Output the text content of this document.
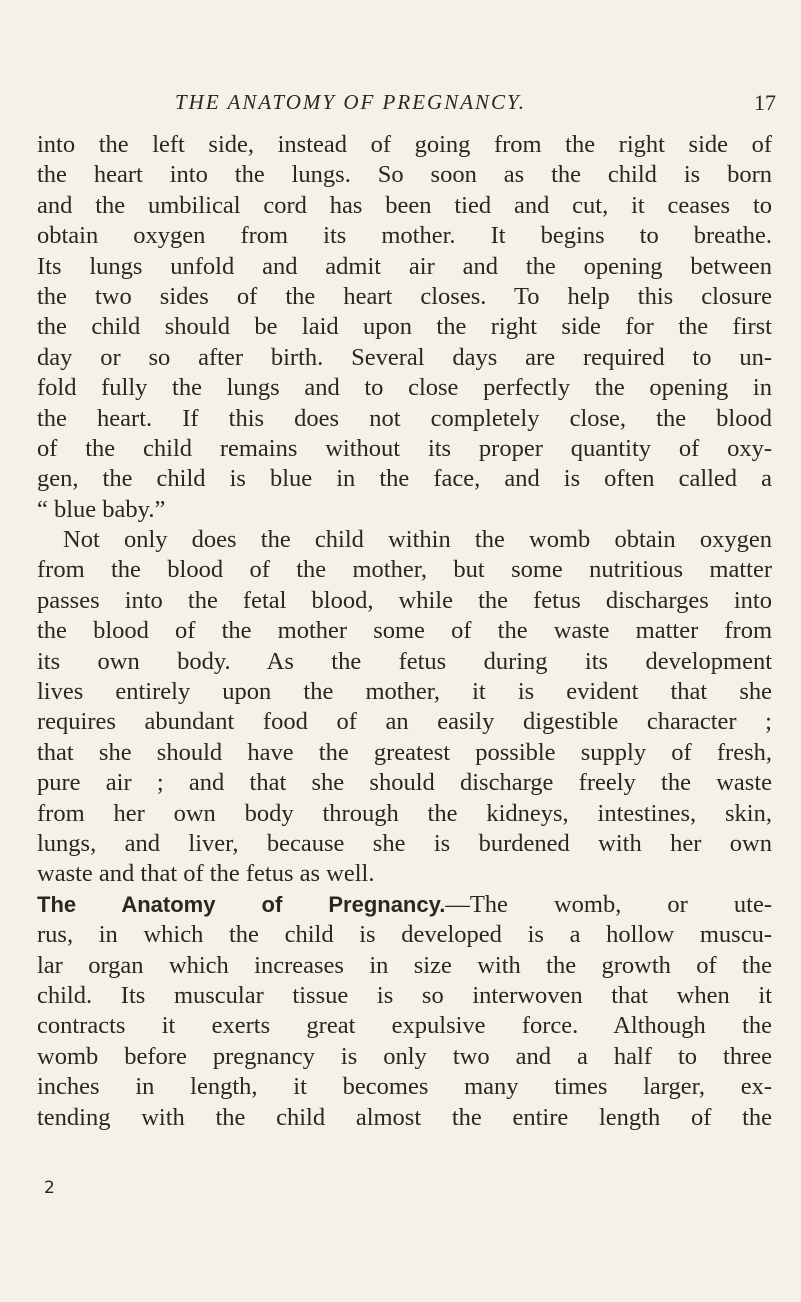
THE ANATOMY OF PREGNANCY.	17
into the left side, instead of going from the right side of
the heart into the lungs. So soon as the child is born
and the umbilical cord has been tied and cut, it ceases to
obtain oxygen from its mother. It begins to breathe.
Its lungs unfold and admit air and the opening between
the two sides of the heart closes. To help this closure
the child should be laid upon the right side for the first
day or so after birth. Several days are required to un-
fold fully the lungs and to close perfectly the opening in
the heart. If this does not completely close, the blood
of the child remains without its proper quantity of oxy-
gen, the child is blue in the face, and is often called a
“ blue baby.”
Not only does the child within the womb obtain oxygen
from the blood of the mother, but some nutritious matter
passes into the fetal blood, while the fetus discharges into
the blood of the mother some of the waste matter from
its own body. As the fetus during its development
lives entirely upon the mother, it is evident that she
requires abundant food of an easily digestible character ;
that she should have the greatest possible supply of fresh,
pure air ; and that she should discharge freely the waste
from her own body through the kidneys, intestines, skin,
lungs, and liver, because she is burdened with her own
waste and that of the fetus as well.
The Anatomy of Pregnancy.—The womb, or ute-
rus, in which the child is developed is a hollow muscu-
lar organ which increases in size with the growth of the
child. Its muscular tissue is so interwoven that when it
contracts it exerts great expulsive force. Although the
womb before pregnancy is only two and a half to three
inches in length, it becomes many times larger, ex-
tending with the child almost the entire length of the
2
